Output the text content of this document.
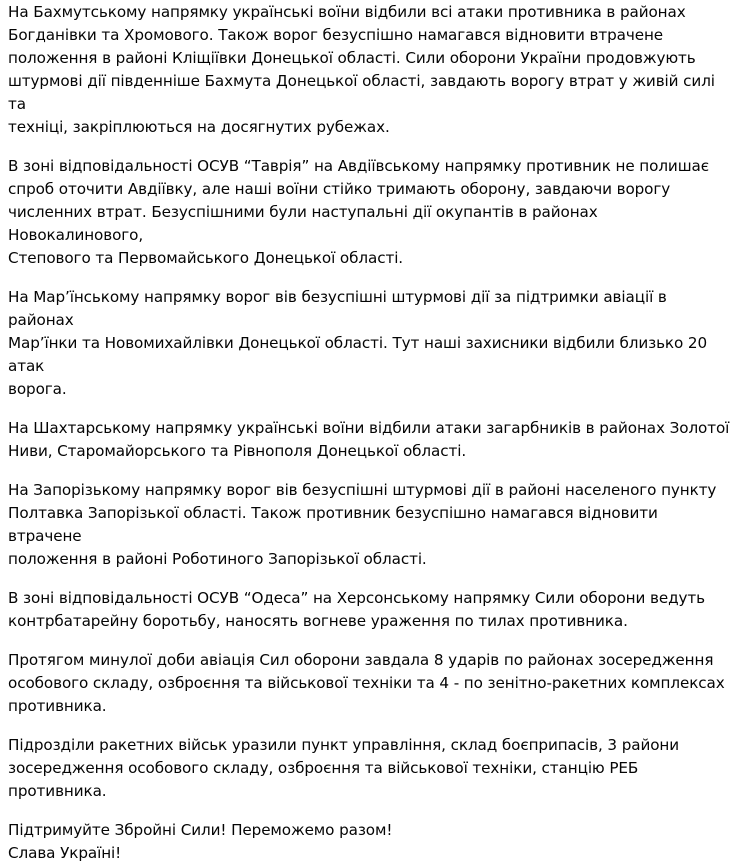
На Бахмутському напрямку українські воїни відбили всі атаки противника в районах
Богданівки та Хромового. Також ворог безуспішно намагався відновити втрачене
положення в районі Кліщіївки Донецької області. Сили оборони України продовжують
штурмові дії південніше Бахмута Донецької області, завдають ворогу втрат у живій силі та
техніці, закріплюються на досягнутих рубежах.

В зоні відповідальності ОСУВ “Таврія” на Авдіївському напрямку противник не полишає
спроб оточити Авдіївку, але наші воїни стійко тримають оборону, завдаючи ворогу
численних втрат. Безуспішними були наступальні дії окупантів в районах Новокалинового,
Степового та Первомайського Донецької області.

На Мар’їнському напрямку ворог вів безуспішні штурмові дії за підтримки авіації в районах
Мар’їнки та Новомихайлівки Донецької області. Тут наші захисники відбили близько 20 атак
ворога.

На Шахтарському напрямку українські воїни відбили атаки загарбників в районах Золотої
Ниви, Старомайорського та Рівнополя Донецької області.

На Запорізькому напрямку ворог вів безуспішні штурмові дії в районі населеного пункту
Полтавка Запорізької області. Також противник безуспішно намагався відновити втрачене
положення в районі Роботиного Запорізької області.

В зоні відповідальності ОСУВ “Одеса” на Херсонському напрямку Сили оборони ведуть
контрбатарейну боротьбу, наносять вогневе ураження по тилах противника.

Протягом минулої доби авіація Сил оборони завдала 8 ударів по районах зосередження
особового складу, озброєння та військової техніки та 4 - по зенітно-ракетних комплексах
противника.

Підрозділи ракетних військ уразили пункт управління, склад боєприпасів, 3 райони
зосередження особового складу, озброєння та військової техніки, станцію РЕБ противника.

Підтримуйте Збройні Сили! Переможемо разом!
Слава Україні!
